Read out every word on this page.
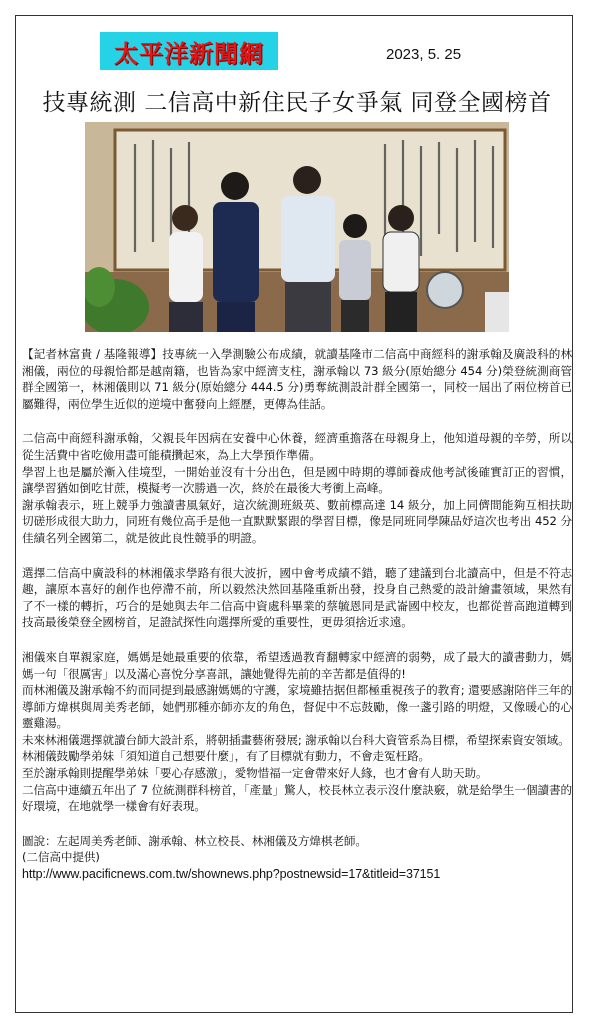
太平洋新聞網	2023, 5. 25
技專統測 二信高中新住民子女爭氣 同登全國榜首

【記者林富貴 / 基隆報導】技專統一入學測驗公布成績，就讀基隆市二信高中商經科的謝承翰及廣設科的林湘儀，兩位的母親恰都是越南籍，也皆為家中經濟支柱，謝承翰以 73 級分(原始總分 454 分)榮登統測商管群全國第一，林湘儀則以 71 級分(原始總分 444.5 分)勇奪統測設計群全國第一，同校一屆出了兩位榜首已屬難得，兩位學生近似的逆境中奮發向上經歷，更傳為佳話。

二信高中商經科謝承翰，父親長年因病在安養中心休養，經濟重擔落在母親身上，他知道母親的辛勞，所以從生活費中省吃儉用盡可能積攢起來，為上大學預作準備。

學習上也是屬於漸入佳境型，一開始並沒有十分出色，但是國中時期的導師養成他考試後確實訂正的習慣，讓學習猶如倒吃甘蔗，模擬考一次勝過一次，終於在最後大考衝上高峰。

謝承翰表示，班上競爭力強讀書風氣好，這次統測班級英、數前標高達 14 級分，加上同儕間能夠互相扶助切磋形成很大助力，同班有幾位高手是他一直默默緊跟的學習目標，像是同班同學陳品妤這次也考出 452 分佳績名列全國第二，就是彼此良性競爭的明證。

選擇二信高中廣設科的林湘儀求學路有很大波折，國中會考成績不錯，聽了建議到台北讀高中，但是不符志趣，讓原本喜好的創作也停滯不前，所以毅然決然回基隆重新出發，投身自己熱愛的設計繪畫領域，果然有了不一樣的轉折，巧合的是她與去年二信高中資處科畢業的蔡毓恩同是武崙國中校友，也都從普高跑道轉到技高最後榮登全國榜首，足證試探性向選擇所愛的重要性，更毋須捨近求遠。

湘儀來自單親家庭，媽媽是她最重要的依靠，希望透過教育翻轉家中經濟的弱勢，成了最大的讀書動力，媽媽一句「很厲害」以及滿心喜悅分享喜訊，讓她覺得先前的辛苦都是值得的!

而林湘儀及謝承翰不約而同提到最感謝媽媽的守護，家境雖拮据但都極重視孩子的教育; 還要感謝陪伴三年的導師方煒棋與周美秀老師，她們那種亦師亦友的角色，督促中不忘鼓勵，像一盞引路的明燈，又像暖心的心靈雞湯。

未來林湘儀選擇就讀台師大設計系，將朝插畫藝術發展; 謝承翰以台科大資管系為目標，希望探索資安領域。

林湘儀鼓勵學弟妹「須知道自己想要什麼」，有了目標就有動力，不會走冤枉路。

至於謝承翰則提醒學弟妹「要心存感激」，愛物惜福一定會帶來好人緣，也才會有人助天助。

二信高中連續五年出了 7 位統測群科榜首，「產量」驚人，校長林立表示沒什麼訣竅，就是給學生一個讀書的好環境，在地就學一樣會有好表現。

圖說：左起周美秀老師、謝承翰、林立校長、林湘儀及方煒棋老師。

(二信高中提供)

http://www.pacificnews.com.tw/shownews.php?postnewsid=17&titleid=37151
